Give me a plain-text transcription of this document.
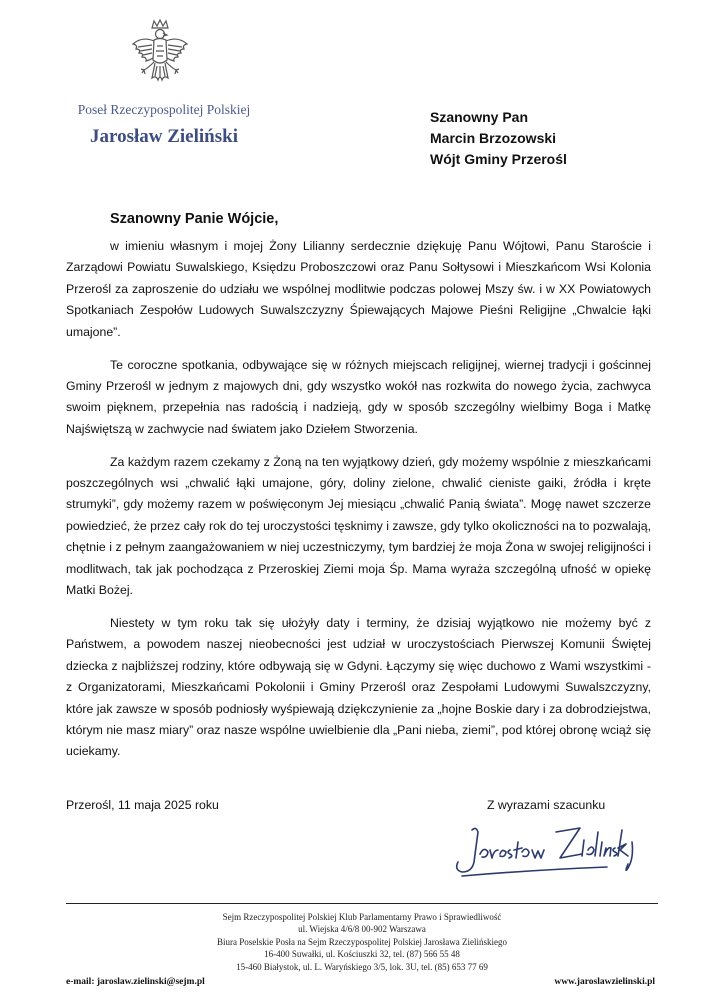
Poseł Rzeczypospolitej Polskiej
Jarosław Zieliński
Szanowny Pan
Marcin Brzozowski
Wójt Gminy Przerośl
Szanowny Panie Wójcie,

w imieniu własnym i mojej Żony Lilianny serdecznie dziękuję Panu Wójtowi, Panu Staroście i Zarządowi Powiatu Suwalskiego, Księdzu Proboszczowi oraz Panu Sołtysowi i Mieszkańcom Wsi Kolonia Przerośl za zaproszenie do udziału we wspólnej modlitwie podczas polowej Mszy św. i w XX Powiatowych Spotkaniach Zespołów Ludowych Suwalszczyzny Śpiewających Majowe Pieśni Religijne „Chwalcie łąki umajone”.

Te coroczne spotkania, odbywające się w różnych miejscach religijnej, wiernej tradycji i gościnnej Gminy Przerośl w jednym z majowych dni, gdy wszystko wokół nas rozkwita do nowego życia, zachwyca swoim pięknem, przepełnia nas radością i nadzieją, gdy w sposób szczególny wielbimy Boga i Matkę Najświętszą w zachwycie nad światem jako Dziełem Stworzenia.

Za każdym razem czekamy z Żoną na ten wyjątkowy dzień, gdy możemy wspólnie z mieszkańcami poszczególnych wsi „chwalić łąki umajone, góry, doliny zielone, chwalić cieniste gaiki, źródła i kręte strumyki”, gdy możemy razem w poświęconym Jej miesiącu „chwalić Panią świata”. Mogę nawet szczerze powiedzieć, że przez cały rok do tej uroczystości tęsknimy i zawsze, gdy tylko okoliczności na to pozwalają, chętnie i z pełnym zaangażowaniem w niej uczestniczymy, tym bardziej że moja Żona w swojej religijności i modlitwach, tak jak pochodząca z Przeroskiej Ziemi moja Śp. Mama wyraża szczególną ufność w opiekę Matki Bożej.

Niestety w tym roku tak się ułożyły daty i terminy, że dzisiaj wyjątkowo nie możemy być z Państwem, a powodem naszej nieobecności jest udział w uroczystościach Pierwszej Komunii Świętej dziecka z najbliższej rodziny, które odbywają się w Gdyni. Łączymy się więc duchowo z Wami wszystkimi - z Organizatorami, Mieszkańcami Pokolonii i Gminy Przerośl oraz Zespołami Ludowymi Suwalszczyzny, które jak zawsze w sposób podniosły wyśpiewają dziękczynienie za „hojne Boskie dary i za dobrodziejstwa, którym nie masz miary” oraz nasze wspólne uwielbienie dla „Pani nieba, ziemi”, pod której obronę wciąż się uciekamy.

Przerośl, 11 maja 2025 roku	Z wyrazami szacunku
Sejm Rzeczypospolitej Polskiej Klub Parlamentarny Prawo i Sprawiedliwość
ul. Wiejska 4/6/8 00-902 Warszawa
Biura Poselskie Posła na Sejm Rzeczypospolitej Polskiej Jarosława Zielińskiego
16-400 Suwałki, ul. Kościuszki 32, tel. (87) 566 55 48
15-460 Białystok, ul. L. Waryńskiego 3/5, lok. 3U, tel. (85) 653 77 69
e-mail: jaroslaw.zielinski@sejm.pl	www.jaroslawzielinski.pl
